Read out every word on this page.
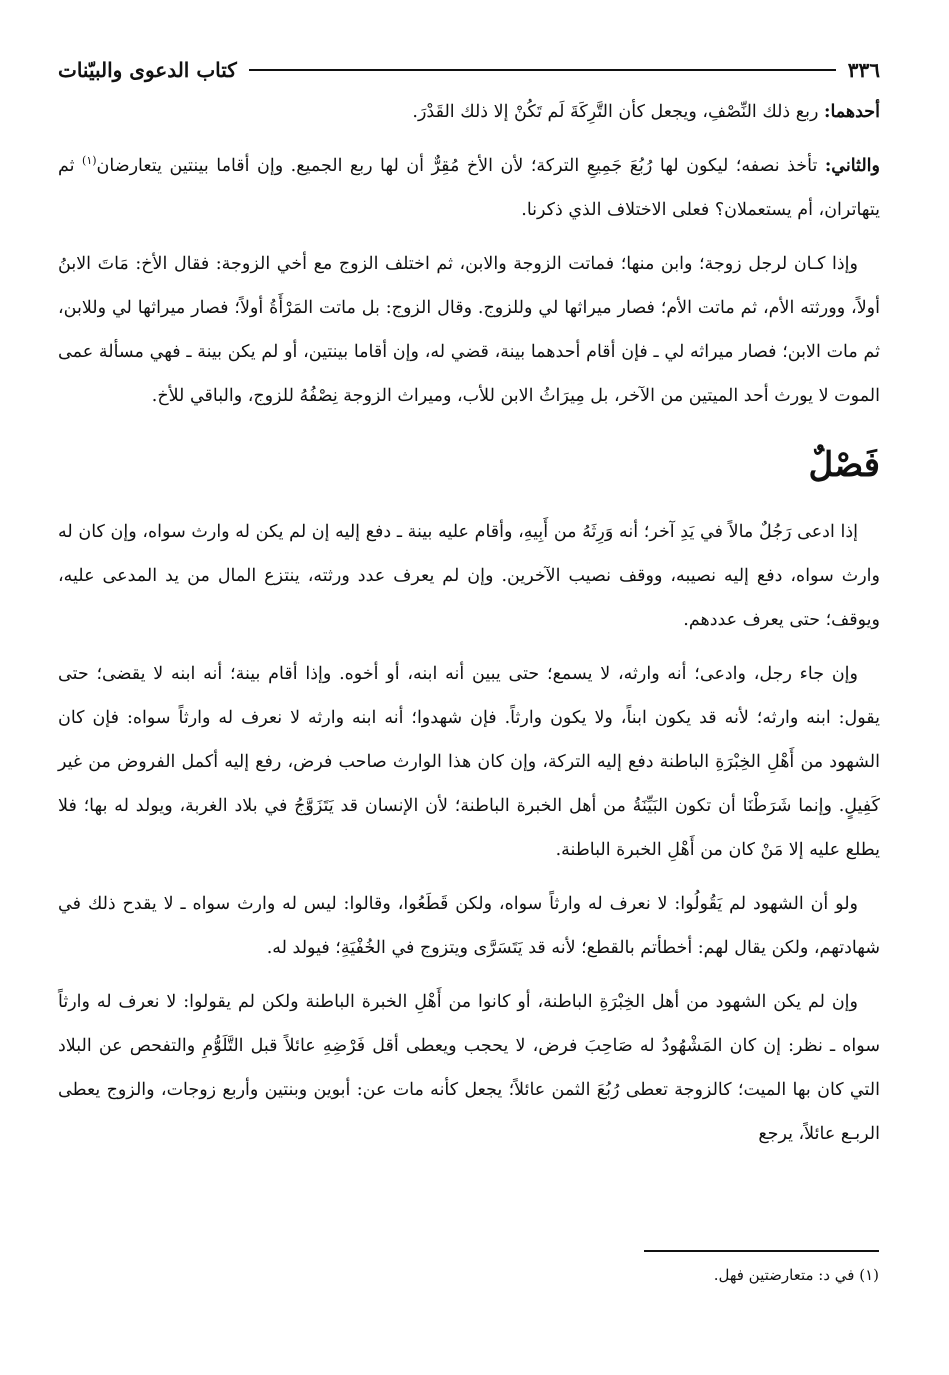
٣٣٦
كتاب الدعوى والبيّنات

أحدهما: ربع ذلك النِّصْفِ، ويجعل كأن التَّرِكَةَ لَم تَكُنْ إلا ذلك القَدْرَ.

والثاني: تأخذ نصفه؛ ليكون لها رُبُعَ جَمِيعِ التركة؛ لأن الأخ مُقِرٌّ أن لها ربع الجميع. وإن أقاما بينتين يتعارضان$^{(١)}$ ثم يتهاتران، أم يستعملان؟ فعلى الاختلاف الذي ذكرنا.

وإذا كـان لرجل زوجة؛ وابن منها؛ فماتت الزوجة والابن، ثم اختلف الزوج مع أخي الزوجة: فقال الأخ: مَاتَ الابنُ أولاً، وورثته الأم، ثم ماتت الأم؛ فصار ميراثها لي وللزوج. وقال الزوج: بل ماتت المَرْأَةُ أولاً؛ فصار ميراثها لي وللابن، ثم مات الابن؛ فصار ميراثه لي ـ فإن أقام أحدهما بينة، قضي له، وإن أقاما بينتين، أو لم يكن بينة ـ فهي مسألة عمى الموت لا يورث أحد الميتين من الآخر، بل مِيرَاثُ الابن للأب، وميراث الزوجة نِصْفُهُ للزوج، والباقي للأخ.

فَصْلٌ

إذا ادعى رَجُلٌ مالاً في يَدِ آخر؛ أنه وَرِثَهُ من أَبِيهِ، وأقام عليه بينة ـ دفع إليه إن لم يكن له وارث سواه، وإن كان له وارث سواه، دفع إليه نصيبه، ووقف نصيب الآخرين. وإن لم يعرف عدد ورثته، ينتزع المال من يد المدعى عليه، ويوقف؛ حتى يعرف عددهم.

وإن جاء رجل، وادعى؛ أنه وارثه، لا يسمع؛ حتى يبين أنه ابنه، أو أخوه. وإذا أقام بينة؛ أنه ابنه لا يقضى؛ حتى يقول: ابنه وارثه؛ لأنه قد يكون ابناً، ولا يكون وارثاً. فإن شهدوا؛ أنه ابنه وارثه لا نعرف له وارثاً سواه: فإن كان الشهود من أَهْلِ الخِبْرَةِ الباطنة دفع إليه التركة، وإن كان هذا الوارث صاحب فرض، رفع إليه أكمل الفروض من غير كَفِيلٍ. وإنما شَرَطْنَا أن تكون البَيِّنَةُ من أهل الخبرة الباطنة؛ لأن الإنسان قد يَتَزَوَّجُ في بلاد الغربة، ويولد له بها؛ فلا يطلع عليه إلا مَنْ كان من أَهْلِ الخبرة الباطنة.

ولو أن الشهود لم يَقُولُوا: لا نعرف له وارثاً سواه، ولكن قَطَعُوا، وقالوا: ليس له وارث سواه ـ لا يقدح ذلك في شهادتهم، ولكن يقال لهم: أخطأتم بالقطع؛ لأنه قد يَتَسَرَّى ويتزوج في الخُفْيَةِ؛ فيولد له.

وإن لم يكن الشهود من أهل الخِبْرَةِ الباطنة، أو كانوا من أَهْلِ الخبرة الباطنة ولكن لم يقولوا: لا نعرف له وارثاً سواه ـ نظر: إن كان المَشْهُودُ له صَاحِبَ فرض، لا يحجب ويعطى أقل فَرْضِهِ عائلاً قبل التَّلَوُّمِ والتفحص عن البلاد التي كان بها الميت؛ كالزوجة تعطى رُبُعَ الثمن عائلاً؛ يجعل كأنه مات عن: أبوين وبنتين وأربع زوجات، والزوج يعطى الربـع عائلاً، يرجع

(١) في د: متعارضتين فهل.
